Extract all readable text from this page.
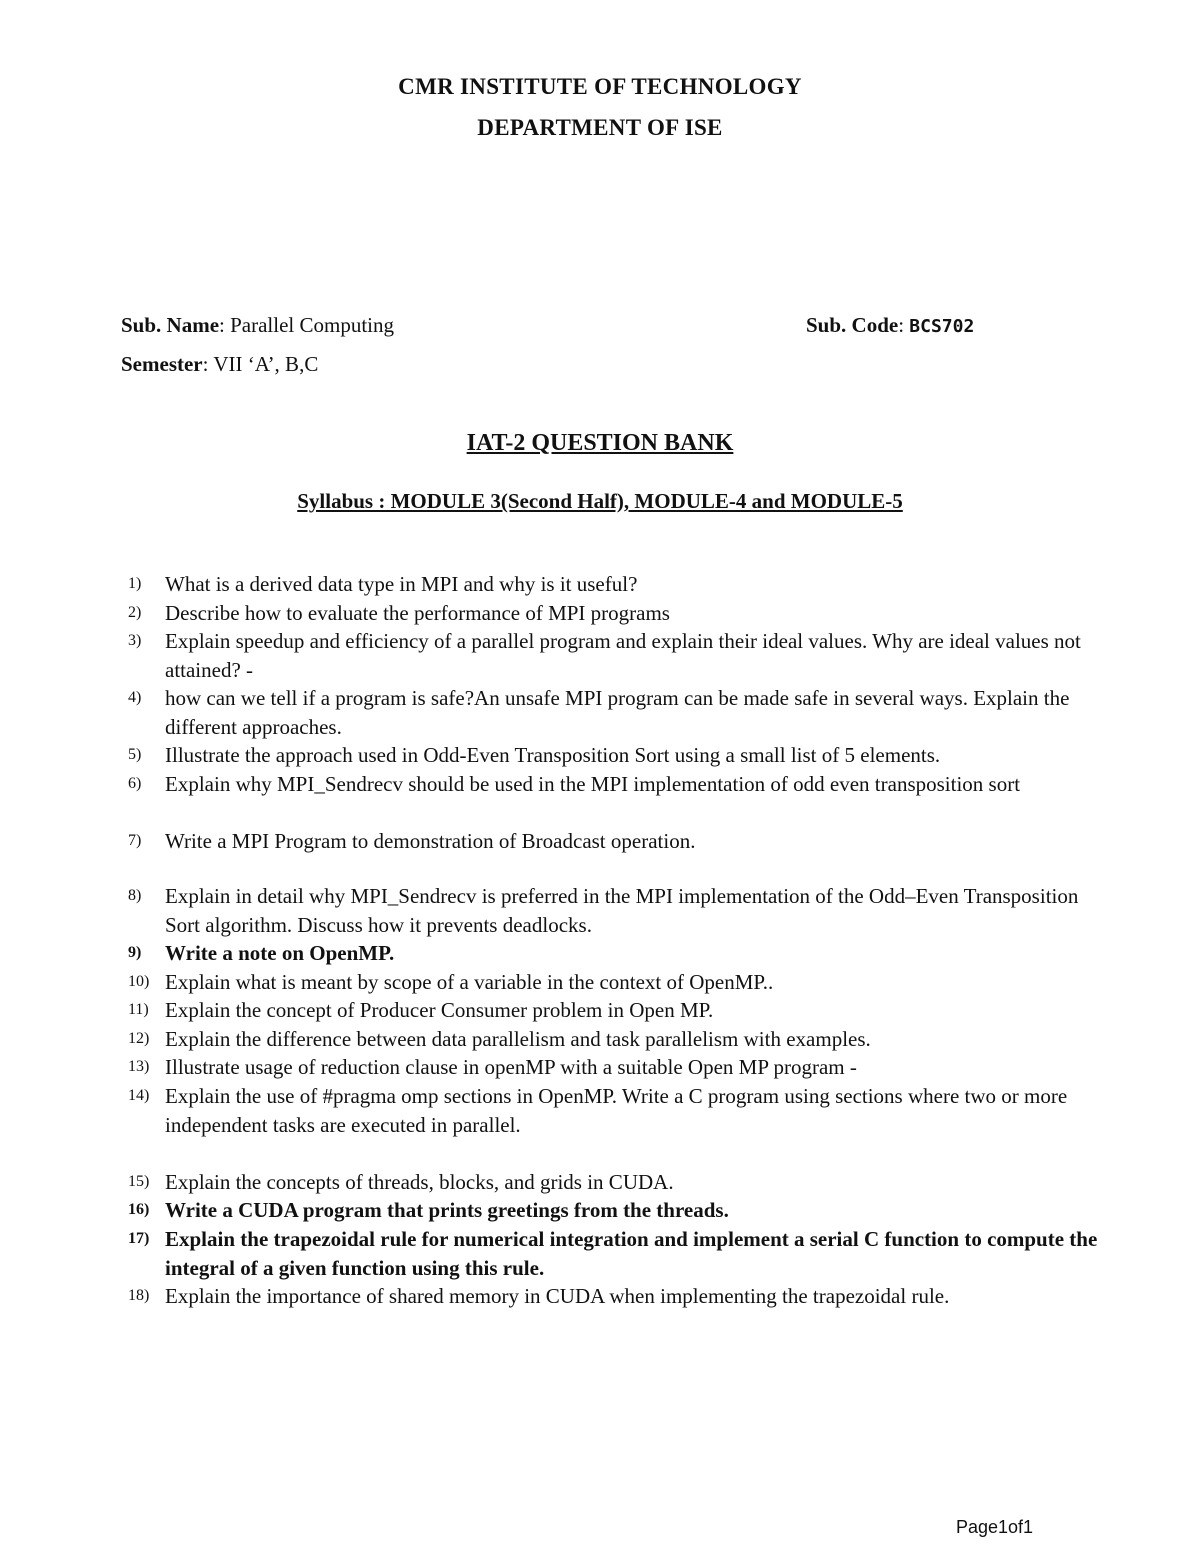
CMR INSTITUTE OF TECHNOLOGY
DEPARTMENT OF ISE
Sub. Name: Parallel Computing	Sub. Code: BCS702
Semester: VII ‘A’, B,C
IAT-2 QUESTION BANK
Syllabus : MODULE 3(Second Half), MODULE-4 and MODULE-5
1)	What is a derived data type in MPI and why is it useful?
2)	Describe how to evaluate the performance of MPI programs
3)	Explain speedup and efficiency of a parallel program and explain their ideal values. Why are ideal values not attained? -
4)	how can we tell if a program is safe?An unsafe MPI program can be made safe in several ways. Explain the different approaches.
5)	Illustrate the approach used in Odd-Even Transposition Sort using a small list of 5 elements.
6)	Explain why MPI_Sendrecv should be used in the MPI implementation of odd even transposition sort
7)	Write a MPI Program to demonstration of Broadcast operation.
8)	Explain in detail why MPI_Sendrecv is preferred in the MPI implementation of the Odd–Even Transposition Sort algorithm. Discuss how it prevents deadlocks.
9)	Write a note on OpenMP.
10) Explain what is meant by scope of a variable in the context of OpenMP..
11) Explain the concept of Producer Consumer problem in Open MP.
12) Explain the difference between data parallelism and task parallelism with examples.
13) Illustrate usage of reduction clause in openMP with a suitable Open MP program -
14) Explain the use of #pragma omp sections in OpenMP. Write a C program using sections where two or more independent tasks are executed in parallel.
15) Explain the concepts of threads, blocks, and grids in CUDA.
16) Write a CUDA program that prints greetings from the threads.
17) Explain the trapezoidal rule for numerical integration and implement a serial C function to compute the integral of a given function using this rule.
18) Explain the importance of shared memory in CUDA when implementing the trapezoidal rule.
Page1of1
